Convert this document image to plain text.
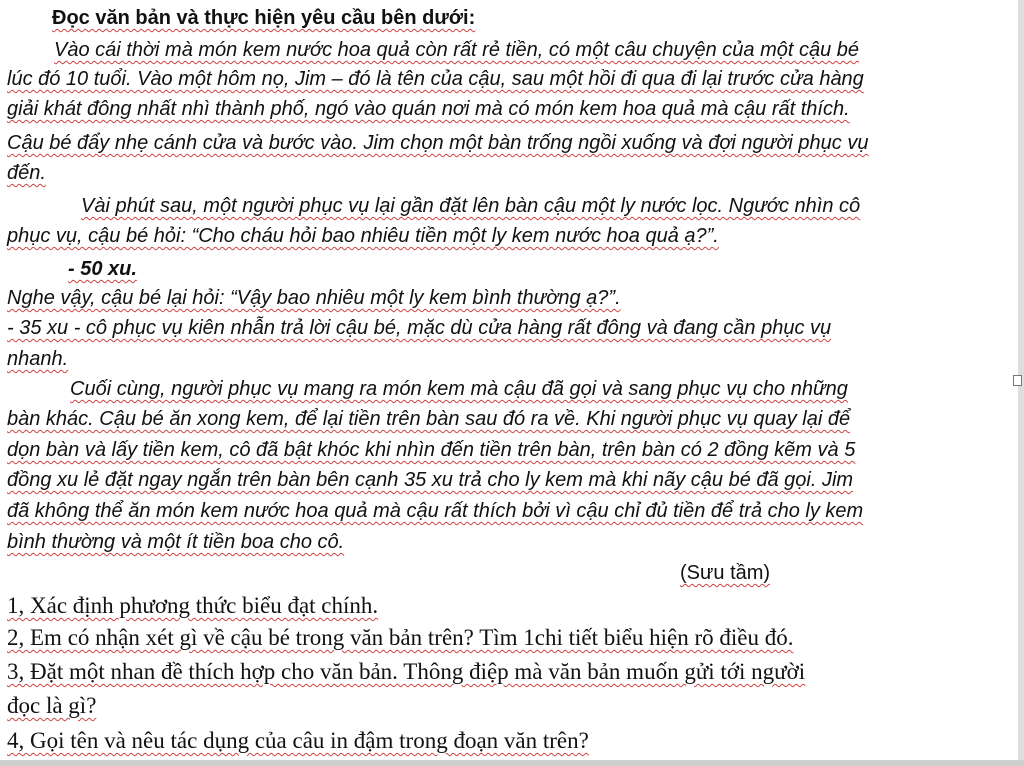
Đọc văn bản và thực hiện yêu cầu bên dưới:
Vào cái thời mà món kem nước hoa quả còn rất rẻ tiền, có một câu chuyện của một cậu bé
lúc đó 10 tuổi. Vào một hôm nọ, Jim – đó là tên của cậu, sau một hồi đi qua đi lại trước cửa hàng
giải khát đông nhất nhì thành phố, ngó vào quán nơi mà có món kem hoa quả mà cậu rất thích.
Cậu bé đẩy nhẹ cánh cửa và bước vào. Jim chọn một bàn trống ngồi xuống và đợi người phục vụ
đến.
Vài phút sau, một người phục vụ lại gần đặt lên bàn cậu một ly nước lọc. Ngước nhìn cô
phục vụ, cậu bé hỏi: “Cho cháu hỏi bao nhiêu tiền một ly kem nước hoa quả ạ?”.
- 50 xu.
Nghe vậy, cậu bé lại hỏi: “Vậy bao nhiêu một ly kem bình thường ạ?”.
- 35 xu - cô phục vụ kiên nhẫn trả lời cậu bé, mặc dù cửa hàng rất đông và đang cần phục vụ
nhanh.
Cuối cùng, người phục vụ mang ra món kem mà cậu đã gọi và sang phục vụ cho những
bàn khác. Cậu bé ăn xong kem, để lại tiền trên bàn sau đó ra về. Khi người phục vụ quay lại để
dọn bàn và lấy tiền kem, cô đã bật khóc khi nhìn đến tiền trên bàn, trên bàn có 2 đồng kẽm và 5
đồng xu lẻ đặt ngay ngắn trên bàn bên cạnh 35 xu trả cho ly kem mà khi nãy cậu bé đã gọi. Jim
đã không thể ăn món kem nước hoa quả mà cậu rất thích bởi vì cậu chỉ đủ tiền để trả cho ly kem
bình thường và một ít tiền boa cho cô.
(Sưu tầm)
1, Xác định phương thức biểu đạt chính.
2, Em có nhận xét gì về cậu bé trong văn bản trên? Tìm 1chi tiết biểu hiện rõ điều đó.
3, Đặt một nhan đề thích hợp cho văn bản. Thông điệp mà văn bản muốn gửi tới người
đọc là gì?
4, Gọi tên và nêu tác dụng của câu in đậm trong đoạn văn trên?
